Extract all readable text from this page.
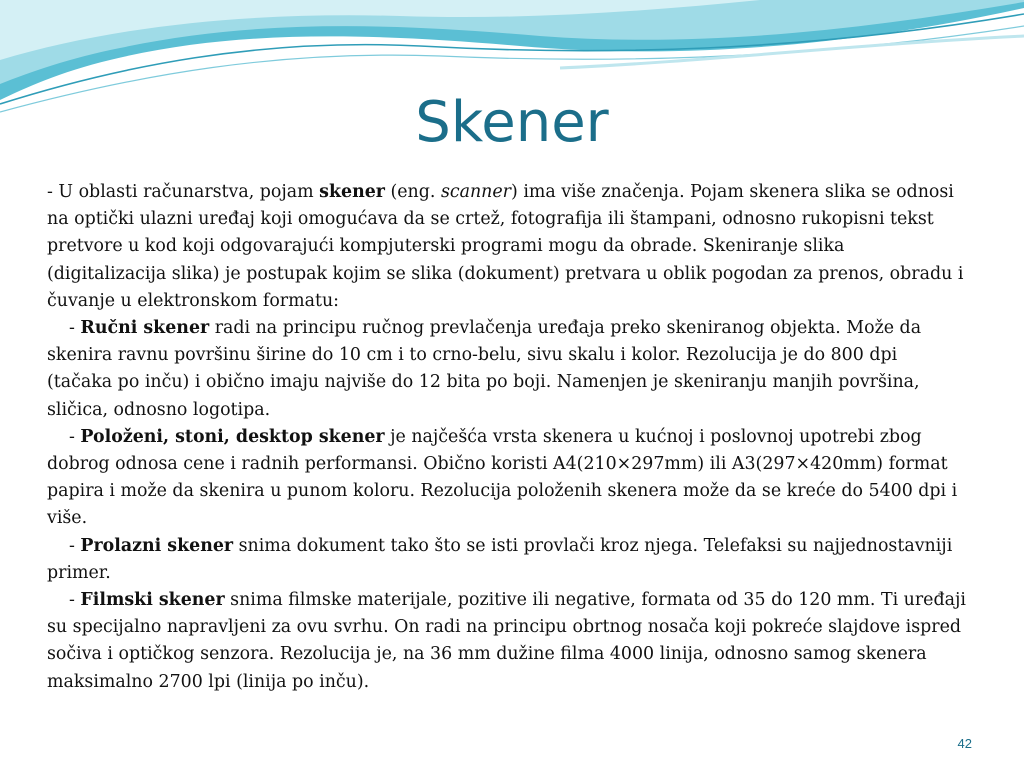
Skener

- U oblasti računarstva, pojam skener (eng. scanner) ima više značenja. Pojam skenera slika se odnosi na optički ulazni uređaj koji omogućava da se crtež, fotografija ili štampani, odnosno rukopisni tekst pretvore u kod koji odgovarajući kompjuterski programi mogu da obrade. Skeniranje slika (digitalizacija slika) je postupak kojim se slika (dokument) pretvara u oblik pogodan za prenos, obradu i čuvanje u elektronskom formatu:

- Ručni skener radi na principu ručnog prevlačenja uređaja preko skeniranog objekta. Može da skenira ravnu površinu širine do 10 cm i to crno-belu, sivu skalu i kolor. Rezolucija je do 800 dpi (tačaka po inču) i obično imaju najviše do 12 bita po boji. Namenjen je skeniranju manjih površina, sličica, odnosno logotipa.

- Položeni, stoni, desktop skener je najčešća vrsta skenera u kućnoj i poslovnoj upotrebi zbog dobrog odnosa cene i radnih performansi. Obično koristi A4(210×297mm) ili A3(297×420mm) format papira i može da skenira u punom koloru. Rezolucija položenih skenera može da se kreće do 5400 dpi i više.

- Prolazni skener snima dokument tako što se isti provlači kroz njega. Telefaksi su najjednostavniji primer.

- Filmski skener snima filmske materijale, pozitive ili negative, formata od 35 do 120 mm. Ti uređaji su specijalno napravljeni za ovu svrhu. On radi na principu obrtnog nosača koji pokreće slajdove ispred sočiva i optičkog senzora. Rezolucija je, na 36 mm dužine filma 4000 linija, odnosno samog skenera maksimalno 2700 lpi (linija po inču).

42
